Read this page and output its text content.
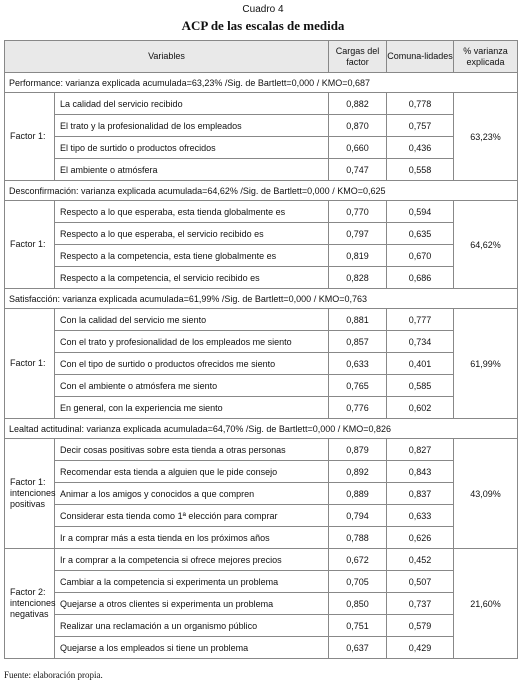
Cuadro 4
ACP de las escalas de medida
Variables		Cargas del factor	Comuna-lidades	% varianza explicada
Performance: varianza explicada acumulada=63,23% /Sig. de Bartlett=0,000 / KMO=0,687				
Factor 1:	La calidad del servicio recibido	0,882	0,778	63,23%
	El trato y la profesionalidad de los empleados	0,870	0,757	
	El tipo de surtido o productos ofrecidos	0,660	0,436	
	El ambiente o atmósfera	0,747	0,558	
Desconfirmación: varianza explicada acumulada=64,62% /Sig. de Bartlett=0,000 / KMO=0,625				
Factor 1:	Respecto a lo que esperaba, esta tienda globalmente es	0,770	0,594	64,62%
	Respecto a lo que esperaba, el servicio recibido es	0,797	0,635	
	Respecto a la competencia, esta tiene globalmente es	0,819	0,670	
	Respecto a la competencia, el servicio recibido es	0,828	0,686	
Satisfacción: varianza explicada acumulada=61,99% /Sig. de Bartlett=0,000 / KMO=0,763				
Factor 1:	Con la calidad del servicio me siento	0,881	0,777	61,99%
	Con el trato y profesionalidad de los empleados me siento	0,857	0,734	
	Con el tipo de surtido o productos ofrecidos me siento	0,633	0,401	
	Con el ambiente o atmósfera me siento	0,765	0,585	
	En general, con la experiencia me siento	0,776	0,602	
Lealtad actitudinal: varianza explicada acumulada=64,70% /Sig. de Bartlett=0,000 / KMO=0,826				
Factor 1: intenciones positivas	Decir cosas positivas sobre esta tienda a otras personas	0,879	0,827	43,09%
	Recomendar esta tienda a alguien que le pide consejo	0,892	0,843	
	Animar a los amigos y conocidos a que compren	0,889	0,837	
	Considerar esta tienda como 1ª elección para comprar	0,794	0,633	
	Ir a comprar más a esta tienda en los próximos años	0,788	0,626	
Factor 2: intenciones negativas	Ir a comprar a la competencia si ofrece mejores precios	0,672	0,452	21,60%
	Cambiar a la competencia si experimenta un problema	0,705	0,507	
	Quejarse a otros clientes si experimenta un problema	0,850	0,737	
	Realizar una reclamación a un organismo público	0,751	0,579	
	Quejarse a los empleados si tiene un problema	0,637	0,429	
Fuente: elaboración propia.
